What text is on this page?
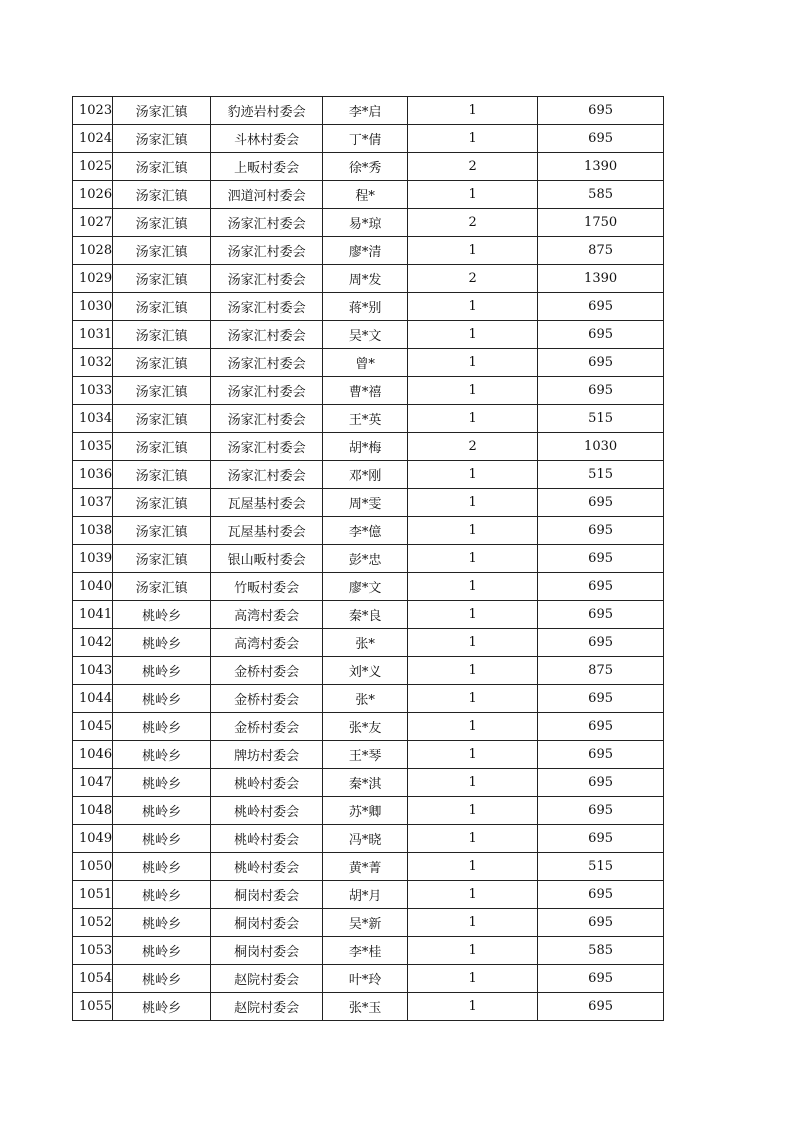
1023	汤家汇镇	豹迹岩村委会	李*启	1	695
1024	汤家汇镇	斗林村委会	丁*倩	1	695
1025	汤家汇镇	上畈村委会	徐*秀	2	1390
1026	汤家汇镇	泗道河村委会	程*	1	585
1027	汤家汇镇	汤家汇村委会	易*琼	2	1750
1028	汤家汇镇	汤家汇村委会	廖*清	1	875
1029	汤家汇镇	汤家汇村委会	周*发	2	1390
1030	汤家汇镇	汤家汇村委会	蒋*别	1	695
1031	汤家汇镇	汤家汇村委会	吴*文	1	695
1032	汤家汇镇	汤家汇村委会	曾*	1	695
1033	汤家汇镇	汤家汇村委会	曹*禧	1	695
1034	汤家汇镇	汤家汇村委会	王*英	1	515
1035	汤家汇镇	汤家汇村委会	胡*梅	2	1030
1036	汤家汇镇	汤家汇村委会	邓*刚	1	515
1037	汤家汇镇	瓦屋基村委会	周*雯	1	695
1038	汤家汇镇	瓦屋基村委会	李*億	1	695
1039	汤家汇镇	银山畈村委会	彭*忠	1	695
1040	汤家汇镇	竹畈村委会	廖*文	1	695
1041	桃岭乡	高湾村委会	秦*良	1	695
1042	桃岭乡	高湾村委会	张*	1	695
1043	桃岭乡	金桥村委会	刘*义	1	875
1044	桃岭乡	金桥村委会	张*	1	695
1045	桃岭乡	金桥村委会	张*友	1	695
1046	桃岭乡	牌坊村委会	王*琴	1	695
1047	桃岭乡	桃岭村委会	秦*淇	1	695
1048	桃岭乡	桃岭村委会	苏*卿	1	695
1049	桃岭乡	桃岭村委会	冯*晓	1	695
1050	桃岭乡	桃岭村委会	黄*菁	1	515
1051	桃岭乡	桐岗村委会	胡*月	1	695
1052	桃岭乡	桐岗村委会	吴*新	1	695
1053	桃岭乡	桐岗村委会	李*桂	1	585
1054	桃岭乡	赵院村委会	叶*玲	1	695
1055	桃岭乡	赵院村委会	张*玉	1	695
